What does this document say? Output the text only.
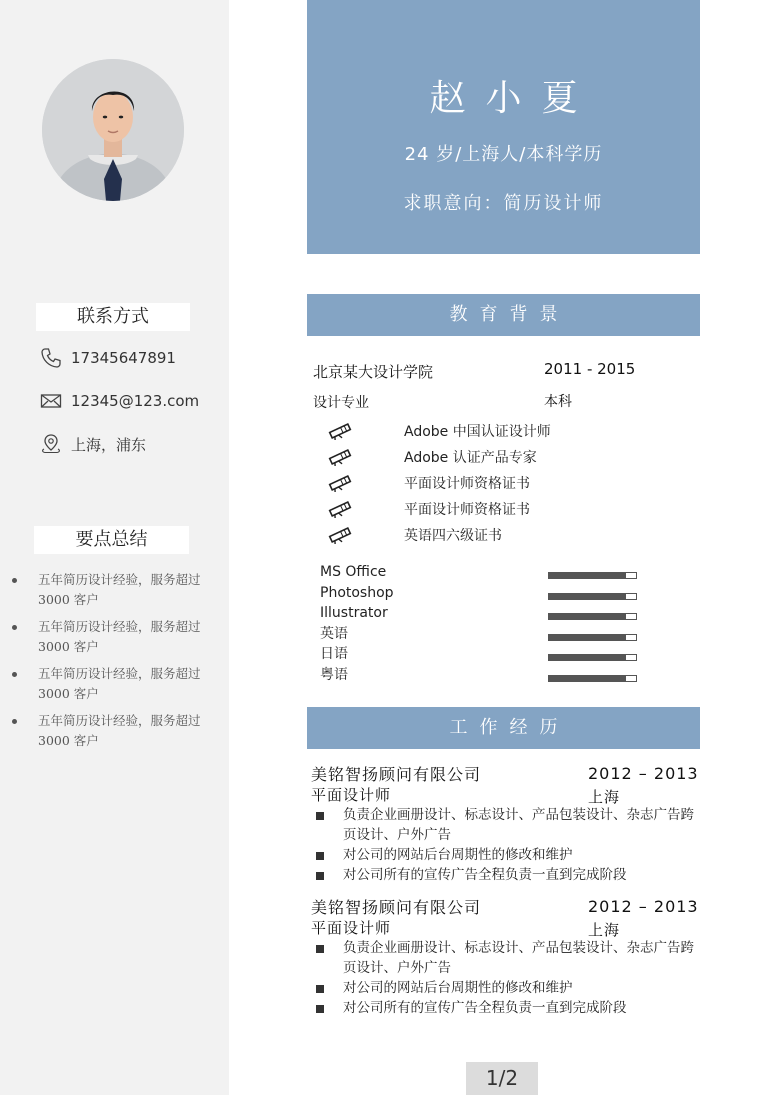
联系方式
17345647891
12345@123.com
上海，浦东
要点总结
五年简历设计经验，服务超过 3000 客户
五年简历设计经验，服务超过 3000 客户
五年简历设计经验，服务超过 3000 客户
五年简历设计经验，服务超过 3000 客户
赵小夏
24 岁/上海人/本科学历
求职意向：简历设计师
教育背景
北京某大设计学院	2011 - 2015
设计专业	本科
Adobe 中国认证设计师
Adobe 认证产品专家
平面设计师资格证书
平面设计师资格证书
英语四六级证书
MS Office
Photoshop
Illustrator
英语
日语
粤语
工作经历
美铭智扬顾问有限公司	2012 – 2013
平面设计师	上海
负责企业画册设计、标志设计、产品包装设计、杂志广告跨页设计、户外广告
对公司的网站后台周期性的修改和维护
对公司所有的宣传广告全程负责一直到完成阶段
美铭智扬顾问有限公司	2012 – 2013
平面设计师	上海
负责企业画册设计、标志设计、产品包装设计、杂志广告跨页设计、户外广告
对公司的网站后台周期性的修改和维护
对公司所有的宣传广告全程负责一直到完成阶段
1/2
